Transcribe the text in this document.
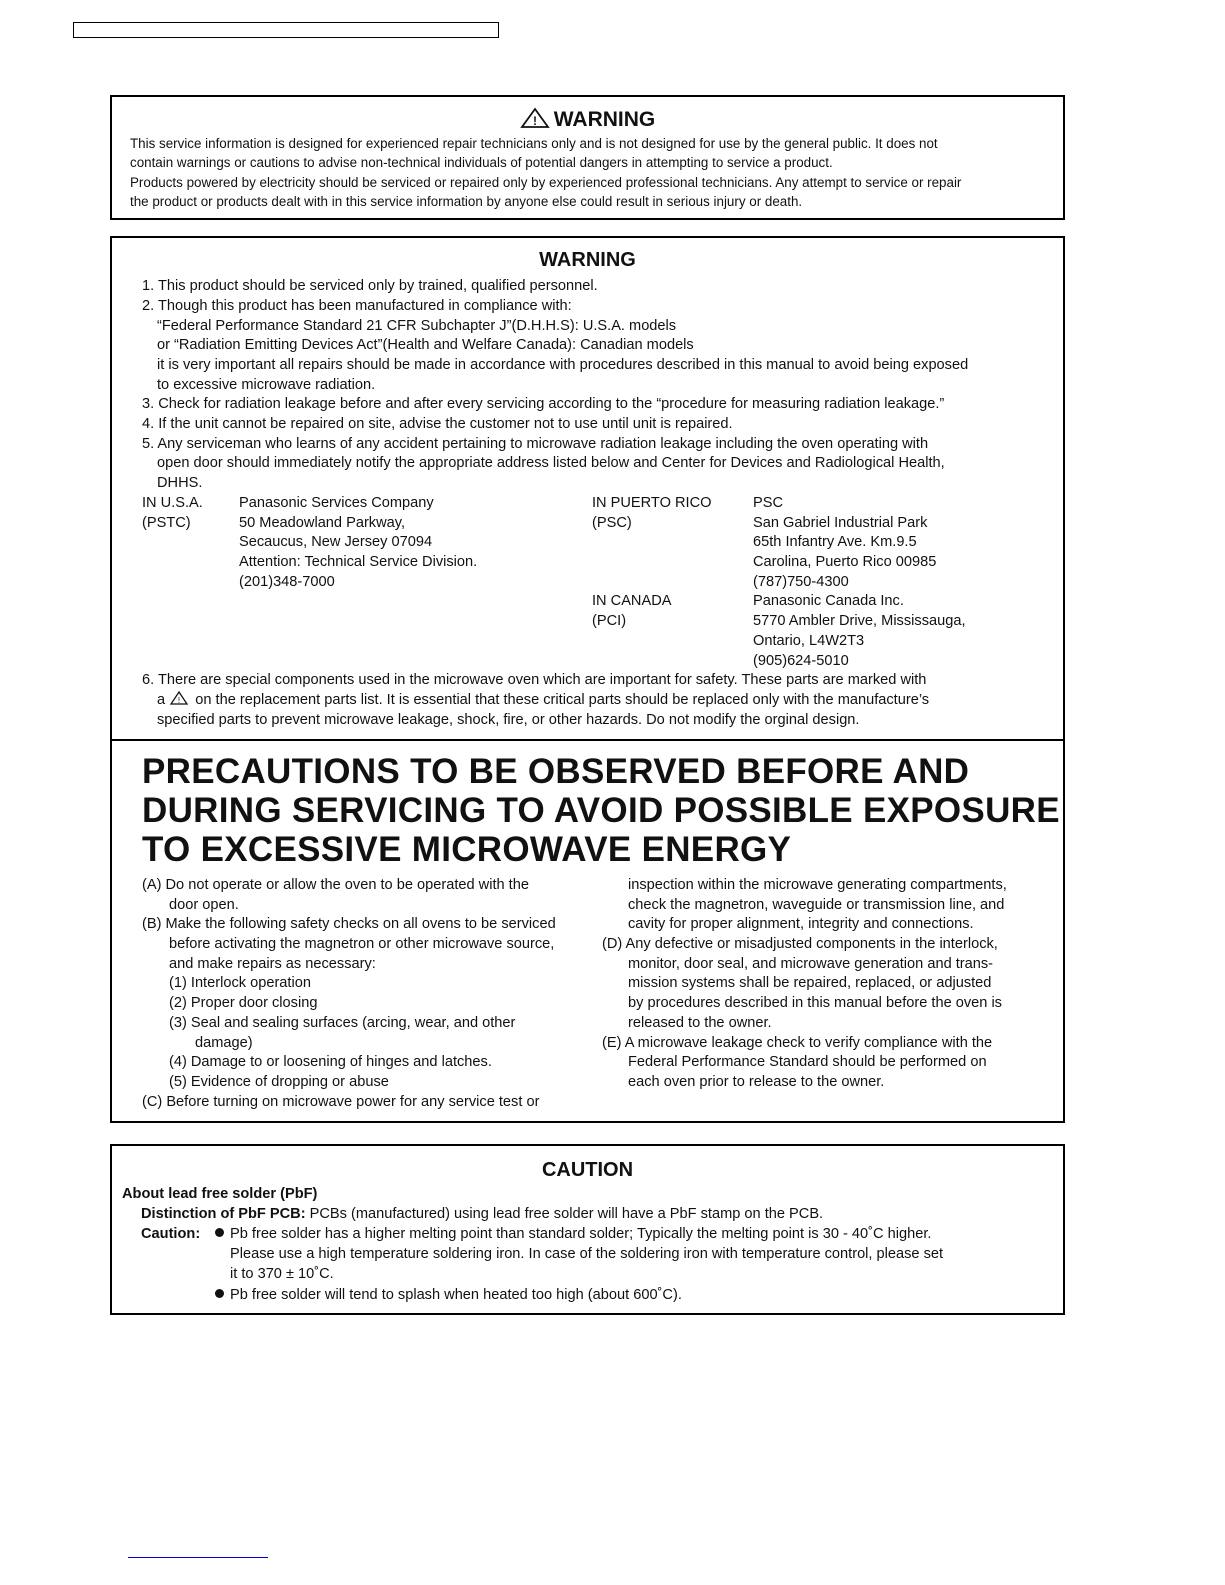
! WARNING
This service information is designed for experienced repair technicians only and is not designed for use by the general public. It does not
contain warnings or cautions to advise non-technical individuals of potential dangers in attempting to service a product.
Products powered by electricity should be serviced or repaired only by experienced professional technicians. Any attempt to service or repair
the product or products dealt with in this service information by anyone else could result in serious injury or death.
WARNING
1. This product should be serviced only by trained, qualified personnel.
2. Though this product has been manufactured in compliance with:
“Federal Performance Standard 21 CFR Subchapter J”(D.H.H.S): U.S.A. models
or “Radiation Emitting Devices Act”(Health and Welfare Canada): Canadian models
it is very important all repairs should be made in accordance with procedures described in this manual to avoid being exposed
to excessive microwave radiation.
3. Check for radiation leakage before and after every servicing according to the “procedure for measuring radiation leakage.”
4. If the unit cannot be repaired on site, advise the customer not to use until unit is repaired.
5. Any serviceman who learns of any accident pertaining to microwave radiation leakage including the oven operating with
open door should immediately notify the appropriate address listed below and Center for Devices and Radiological Health,
DHHS.
IN U.S.A.
(PSTC)
Panasonic Services Company
50 Meadowland Parkway,
Secaucus, New Jersey 07094
Attention: Technical Service Division.
(201)348-7000
IN PUERTO RICO
(PSC)
PSC
San Gabriel Industrial Park
65th Infantry Ave. Km.9.5
Carolina, Puerto Rico 00985
(787)750-4300
IN CANADA
(PCI)
Panasonic Canada Inc.
5770 Ambler Drive, Mississauga,
Ontario, L4W2T3
(905)624-5010
6. There are special components used in the microwave oven which are important for safety. These parts are marked with
a ! on the replacement parts list. It is essential that these critical parts should be replaced only with the manufacture’s
specified parts to prevent microwave leakage, shock, fire, or other hazards. Do not modify the orginal design.
PRECAUTIONS TO BE OBSERVED BEFORE AND
DURING SERVICING TO AVOID POSSIBLE EXPOSURE
TO EXCESSIVE MICROWAVE ENERGY
(A) Do not operate or allow the oven to be operated with the
door open.
(B) Make the following safety checks on all ovens to be serviced
before activating the magnetron or other microwave source,
and make repairs as necessary:
(1) Interlock operation
(2) Proper door closing
(3) Seal and sealing surfaces (arcing, wear, and other
damage)
(4) Damage to or loosening of hinges and latches.
(5) Evidence of dropping or abuse
(C) Before turning on microwave power for any service test or
inspection within the microwave generating compartments,
check the magnetron, waveguide or transmission line, and
cavity for proper alignment, integrity and connections.
(D) Any defective or misadjusted components in the interlock,
monitor, door seal, and microwave generation and trans-
mission systems shall be repaired, replaced, or adjusted
by procedures described in this manual before the oven is
released to the owner.
(E) A microwave leakage check to verify compliance with the
Federal Performance Standard should be performed on
each oven prior to release to the owner.
CAUTION
About lead free solder (PbF)
Distinction of PbF PCB: PCBs (manufactured) using lead free solder will have a PbF stamp on the PCB.
Caution:	Pb free solder has a higher melting point than standard solder; Typically the melting point is 30 - 40˚C higher.
Please use a high temperature soldering iron. In case of the soldering iron with temperature control, please set
it to 370 ± 10˚C.
Pb free solder will tend to splash when heated too high (about 600˚C).
